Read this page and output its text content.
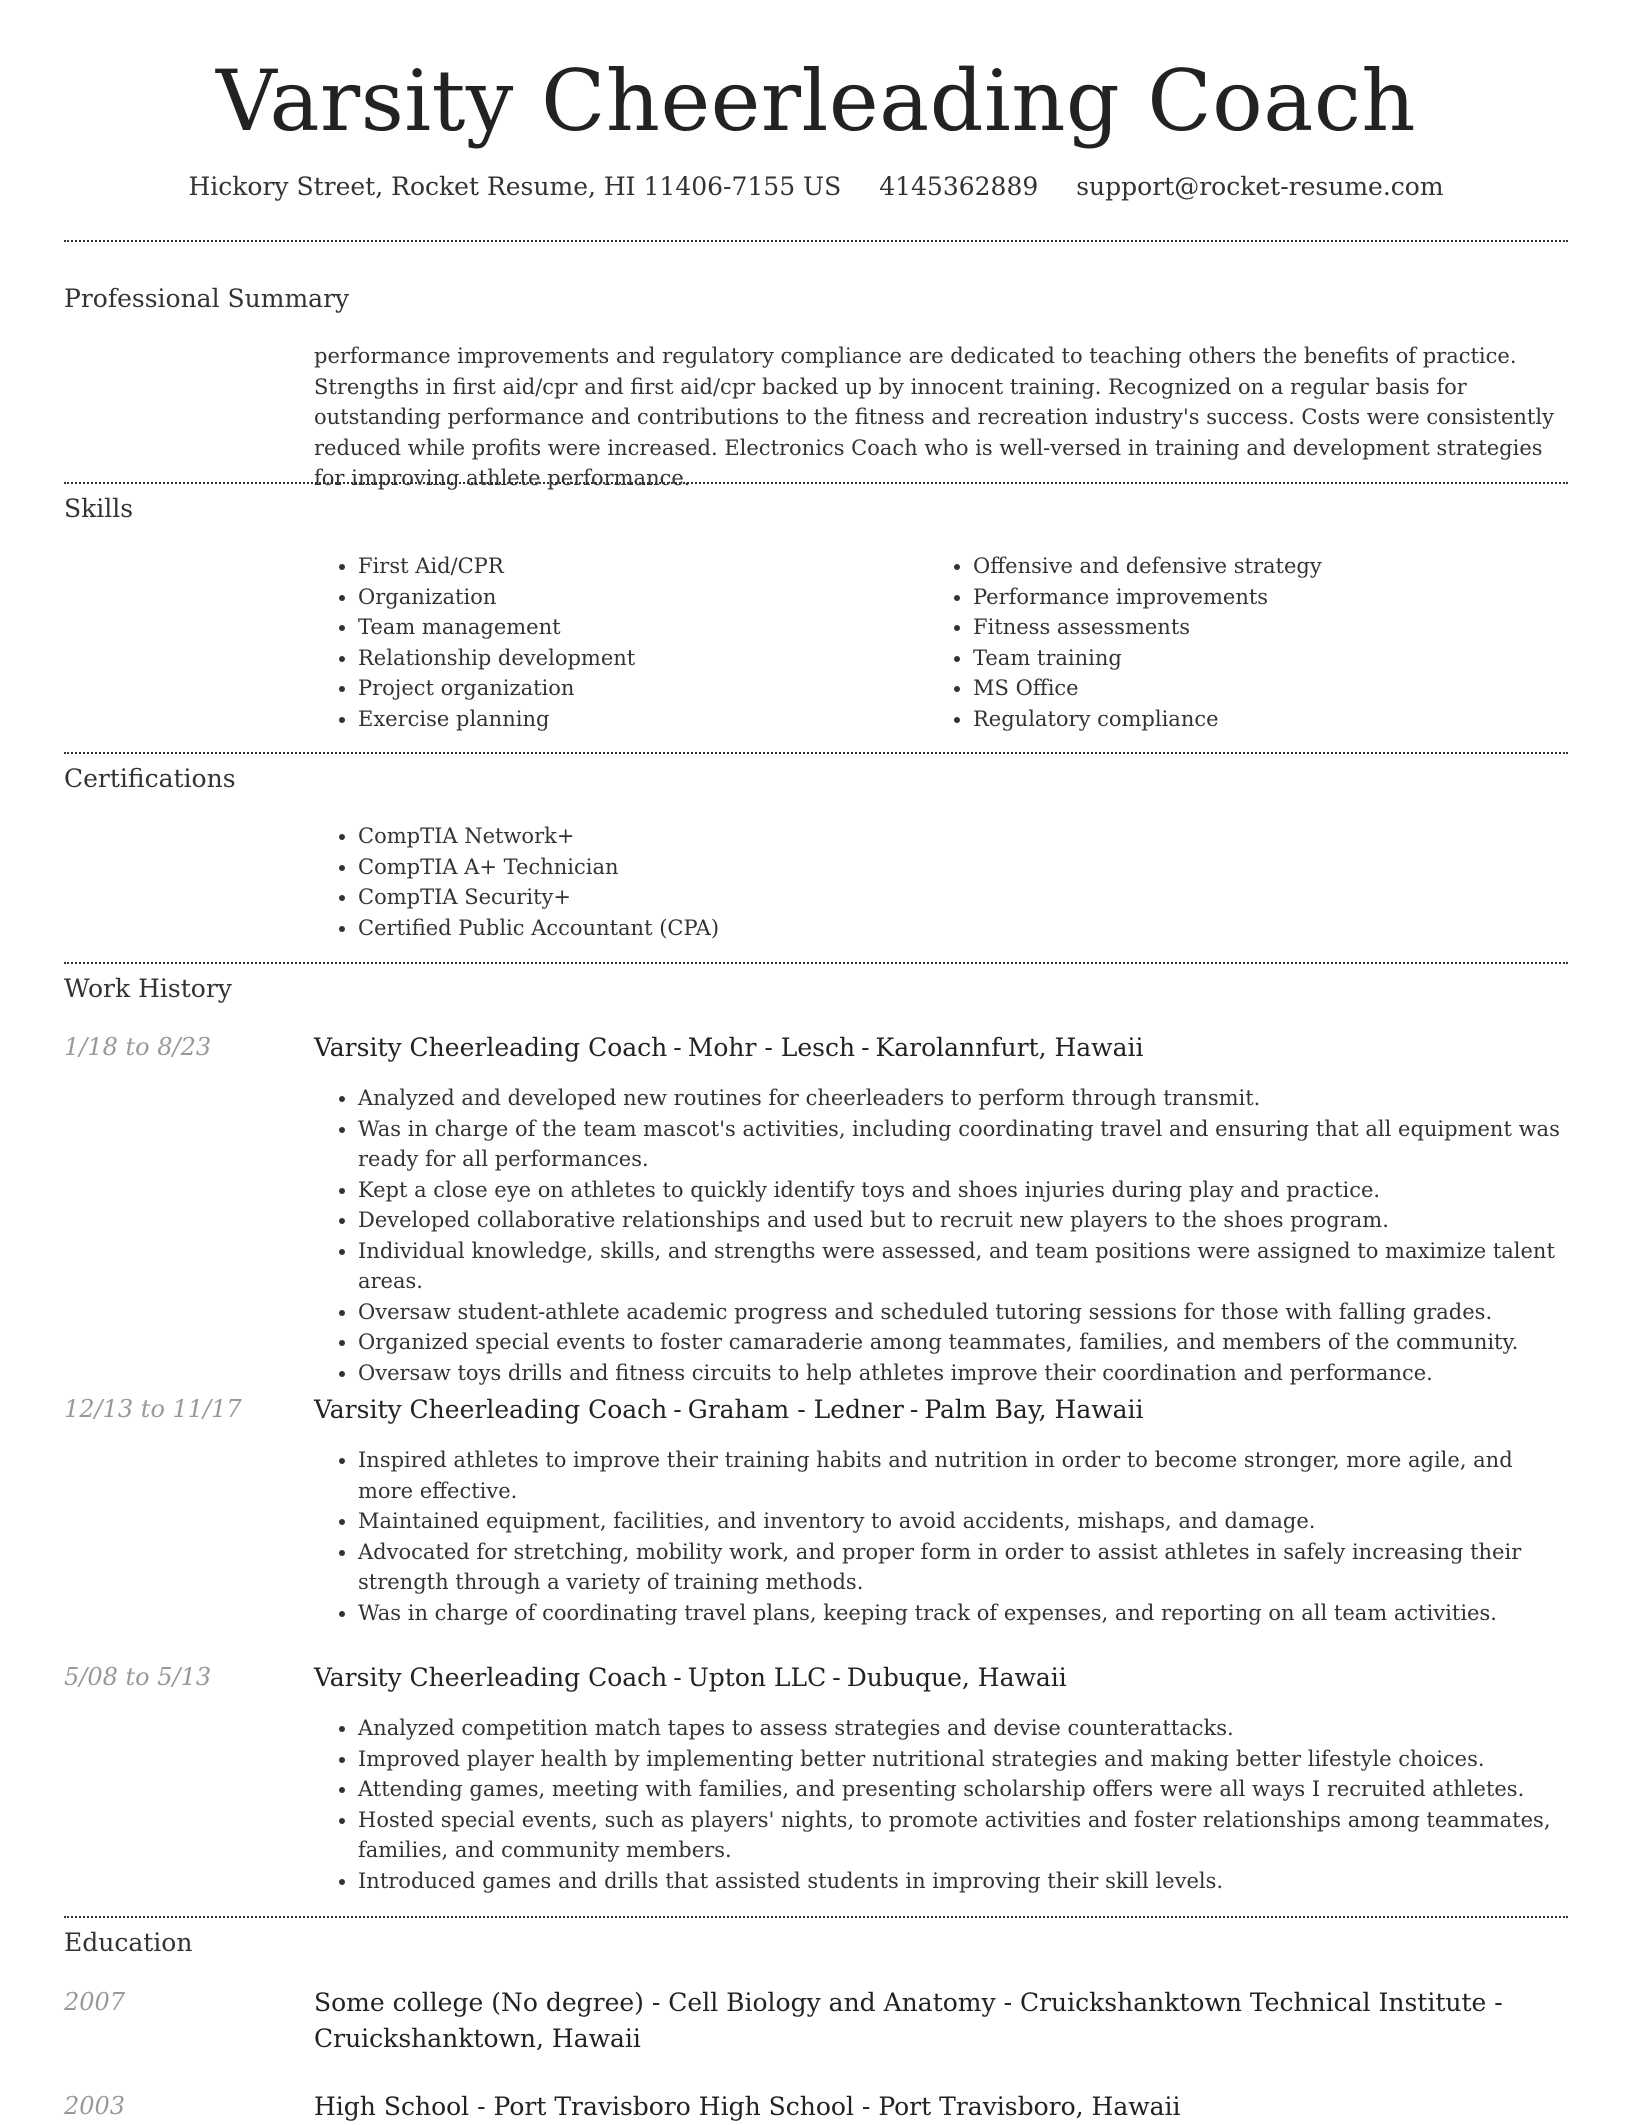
Varsity Cheerleading Coach

Hickory Street, Rocket Resume, HI 11406-7155 US 4145362889 support@rocket-resume.com

Professional Summary

performance improvements and regulatory compliance are dedicated to teaching others the benefits of practice. Strengths in first aid/cpr and first aid/cpr backed up by innocent training. Recognized on a regular basis for outstanding performance and contributions to the fitness and recreation industry's success. Costs were consistently reduced while profits were increased. Electronics Coach who is well-versed in training and development strategies for improving athlete performance.

Skills
• First Aid/CPR
• Organization
• Team management
• Relationship development
• Project organization
• Exercise planning
• Offensive and defensive strategy
• Performance improvements
• Fitness assessments
• Team training
• MS Office
• Regulatory compliance
Certifications
• CompTIA Network+
• CompTIA A+ Technician
• CompTIA Security+
• Certified Public Accountant (CPA)
Work History

1/18 to 8/23	Varsity Cheerleading Coach - Mohr - Lesch - Karolannfurt, Hawaii

• Analyzed and developed new routines for cheerleaders to perform through transmit.
• Was in charge of the team mascot's activities, including coordinating travel and ensuring that all equipment was ready for all performances.
• Kept a close eye on athletes to quickly identify toys and shoes injuries during play and practice.
• Developed collaborative relationships and used but to recruit new players to the shoes program.
• Individual knowledge, skills, and strengths were assessed, and team positions were assigned to maximize talent areas.
• Oversaw student-athlete academic progress and scheduled tutoring sessions for those with falling grades.
• Organized special events to foster camaraderie among teammates, families, and members of the community.
• Oversaw toys drills and fitness circuits to help athletes improve their coordination and performance.

12/13 to 11/17	Varsity Cheerleading Coach - Graham - Ledner - Palm Bay, Hawaii

• Inspired athletes to improve their training habits and nutrition in order to become stronger, more agile, and more effective.
• Maintained equipment, facilities, and inventory to avoid accidents, mishaps, and damage.
• Advocated for stretching, mobility work, and proper form in order to assist athletes in safely increasing their strength through a variety of training methods.
• Was in charge of coordinating travel plans, keeping track of expenses, and reporting on all team activities.

5/08 to 5/13	Varsity Cheerleading Coach - Upton LLC - Dubuque, Hawaii

• Analyzed competition match tapes to assess strategies and devise counterattacks.
• Improved player health by implementing better nutritional strategies and making better lifestyle choices.
• Attending games, meeting with families, and presenting scholarship offers were all ways I recruited athletes.
• Hosted special events, such as players' nights, to promote activities and foster relationships among teammates, families, and community members.
• Introduced games and drills that assisted students in improving their skill levels.
Education

2007	Some college (No degree) - Cell Biology and Anatomy - Cruickshanktown Technical Institute - Cruickshanktown, Hawaii

2003	High School - Port Travisboro High School - Port Travisboro, Hawaii
